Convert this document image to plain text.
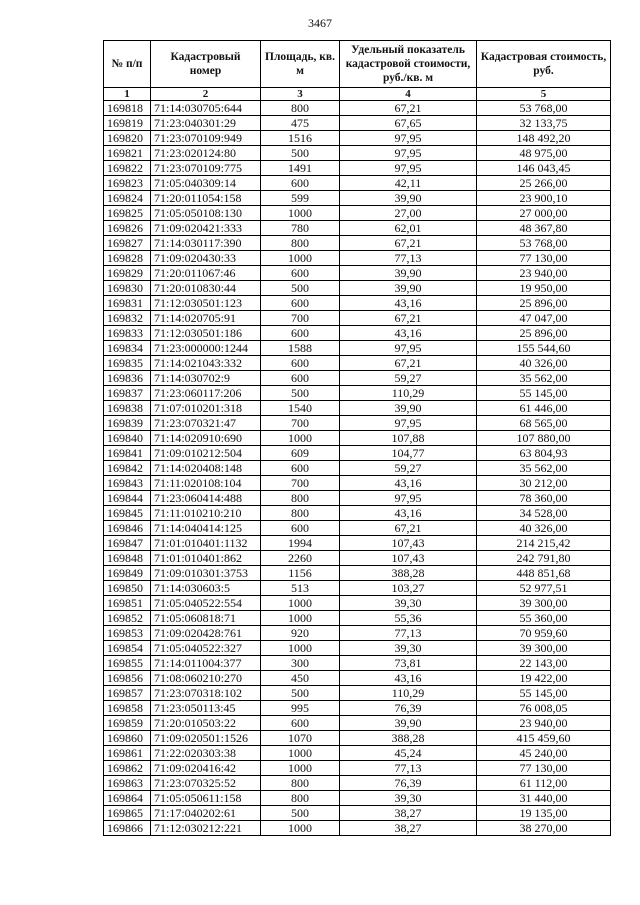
3467
№ п/п	Кадастровый номер	Площадь, кв. м	Удельный показатель кадастровой стоимости, руб./кв. м	Кадастровая стоимость, руб.
1	2	3	4	5
169818	71:14:030705:644	800	67,21	53 768,00
169819	71:23:040301:29	475	67,65	32 133,75
169820	71:23:070109:949	1516	97,95	148 492,20
169821	71:23:020124:80	500	97,95	48 975,00
169822	71:23:070109:775	1491	97,95	146 043,45
169823	71:05:040309:14	600	42,11	25 266,00
169824	71:20:011054:158	599	39,90	23 900,10
169825	71:05:050108:130	1000	27,00	27 000,00
169826	71:09:020421:333	780	62,01	48 367,80
169827	71:14:030117:390	800	67,21	53 768,00
169828	71:09:020430:33	1000	77,13	77 130,00
169829	71:20:011067:46	600	39,90	23 940,00
169830	71:20:010830:44	500	39,90	19 950,00
169831	71:12:030501:123	600	43,16	25 896,00
169832	71:14:020705:91	700	67,21	47 047,00
169833	71:12:030501:186	600	43,16	25 896,00
169834	71:23:000000:1244	1588	97,95	155 544,60
169835	71:14:021043:332	600	67,21	40 326,00
169836	71:14:030702:9	600	59,27	35 562,00
169837	71:23:060117:206	500	110,29	55 145,00
169838	71:07:010201:318	1540	39,90	61 446,00
169839	71:23:070321:47	700	97,95	68 565,00
169840	71:14:020910:690	1000	107,88	107 880,00
169841	71:09:010212:504	609	104,77	63 804,93
169842	71:14:020408:148	600	59,27	35 562,00
169843	71:11:020108:104	700	43,16	30 212,00
169844	71:23:060414:488	800	97,95	78 360,00
169845	71:11:010210:210	800	43,16	34 528,00
169846	71:14:040414:125	600	67,21	40 326,00
169847	71:01:010401:1132	1994	107,43	214 215,42
169848	71:01:010401:862	2260	107,43	242 791,80
169849	71:09:010301:3753	1156	388,28	448 851,68
169850	71:14:030603:5	513	103,27	52 977,51
169851	71:05:040522:554	1000	39,30	39 300,00
169852	71:05:060818:71	1000	55,36	55 360,00
169853	71:09:020428:761	920	77,13	70 959,60
169854	71:05:040522:327	1000	39,30	39 300,00
169855	71:14:011004:377	300	73,81	22 143,00
169856	71:08:060210:270	450	43,16	19 422,00
169857	71:23:070318:102	500	110,29	55 145,00
169858	71:23:050113:45	995	76,39	76 008,05
169859	71:20:010503:22	600	39,90	23 940,00
169860	71:09:020501:1526	1070	388,28	415 459,60
169861	71:22:020303:38	1000	45,24	45 240,00
169862	71:09:020416:42	1000	77,13	77 130,00
169863	71:23:070325:52	800	76,39	61 112,00
169864	71:05:050611:158	800	39,30	31 440,00
169865	71:17:040202:61	500	38,27	19 135,00
169866	71:12:030212:221	1000	38,27	38 270,00
